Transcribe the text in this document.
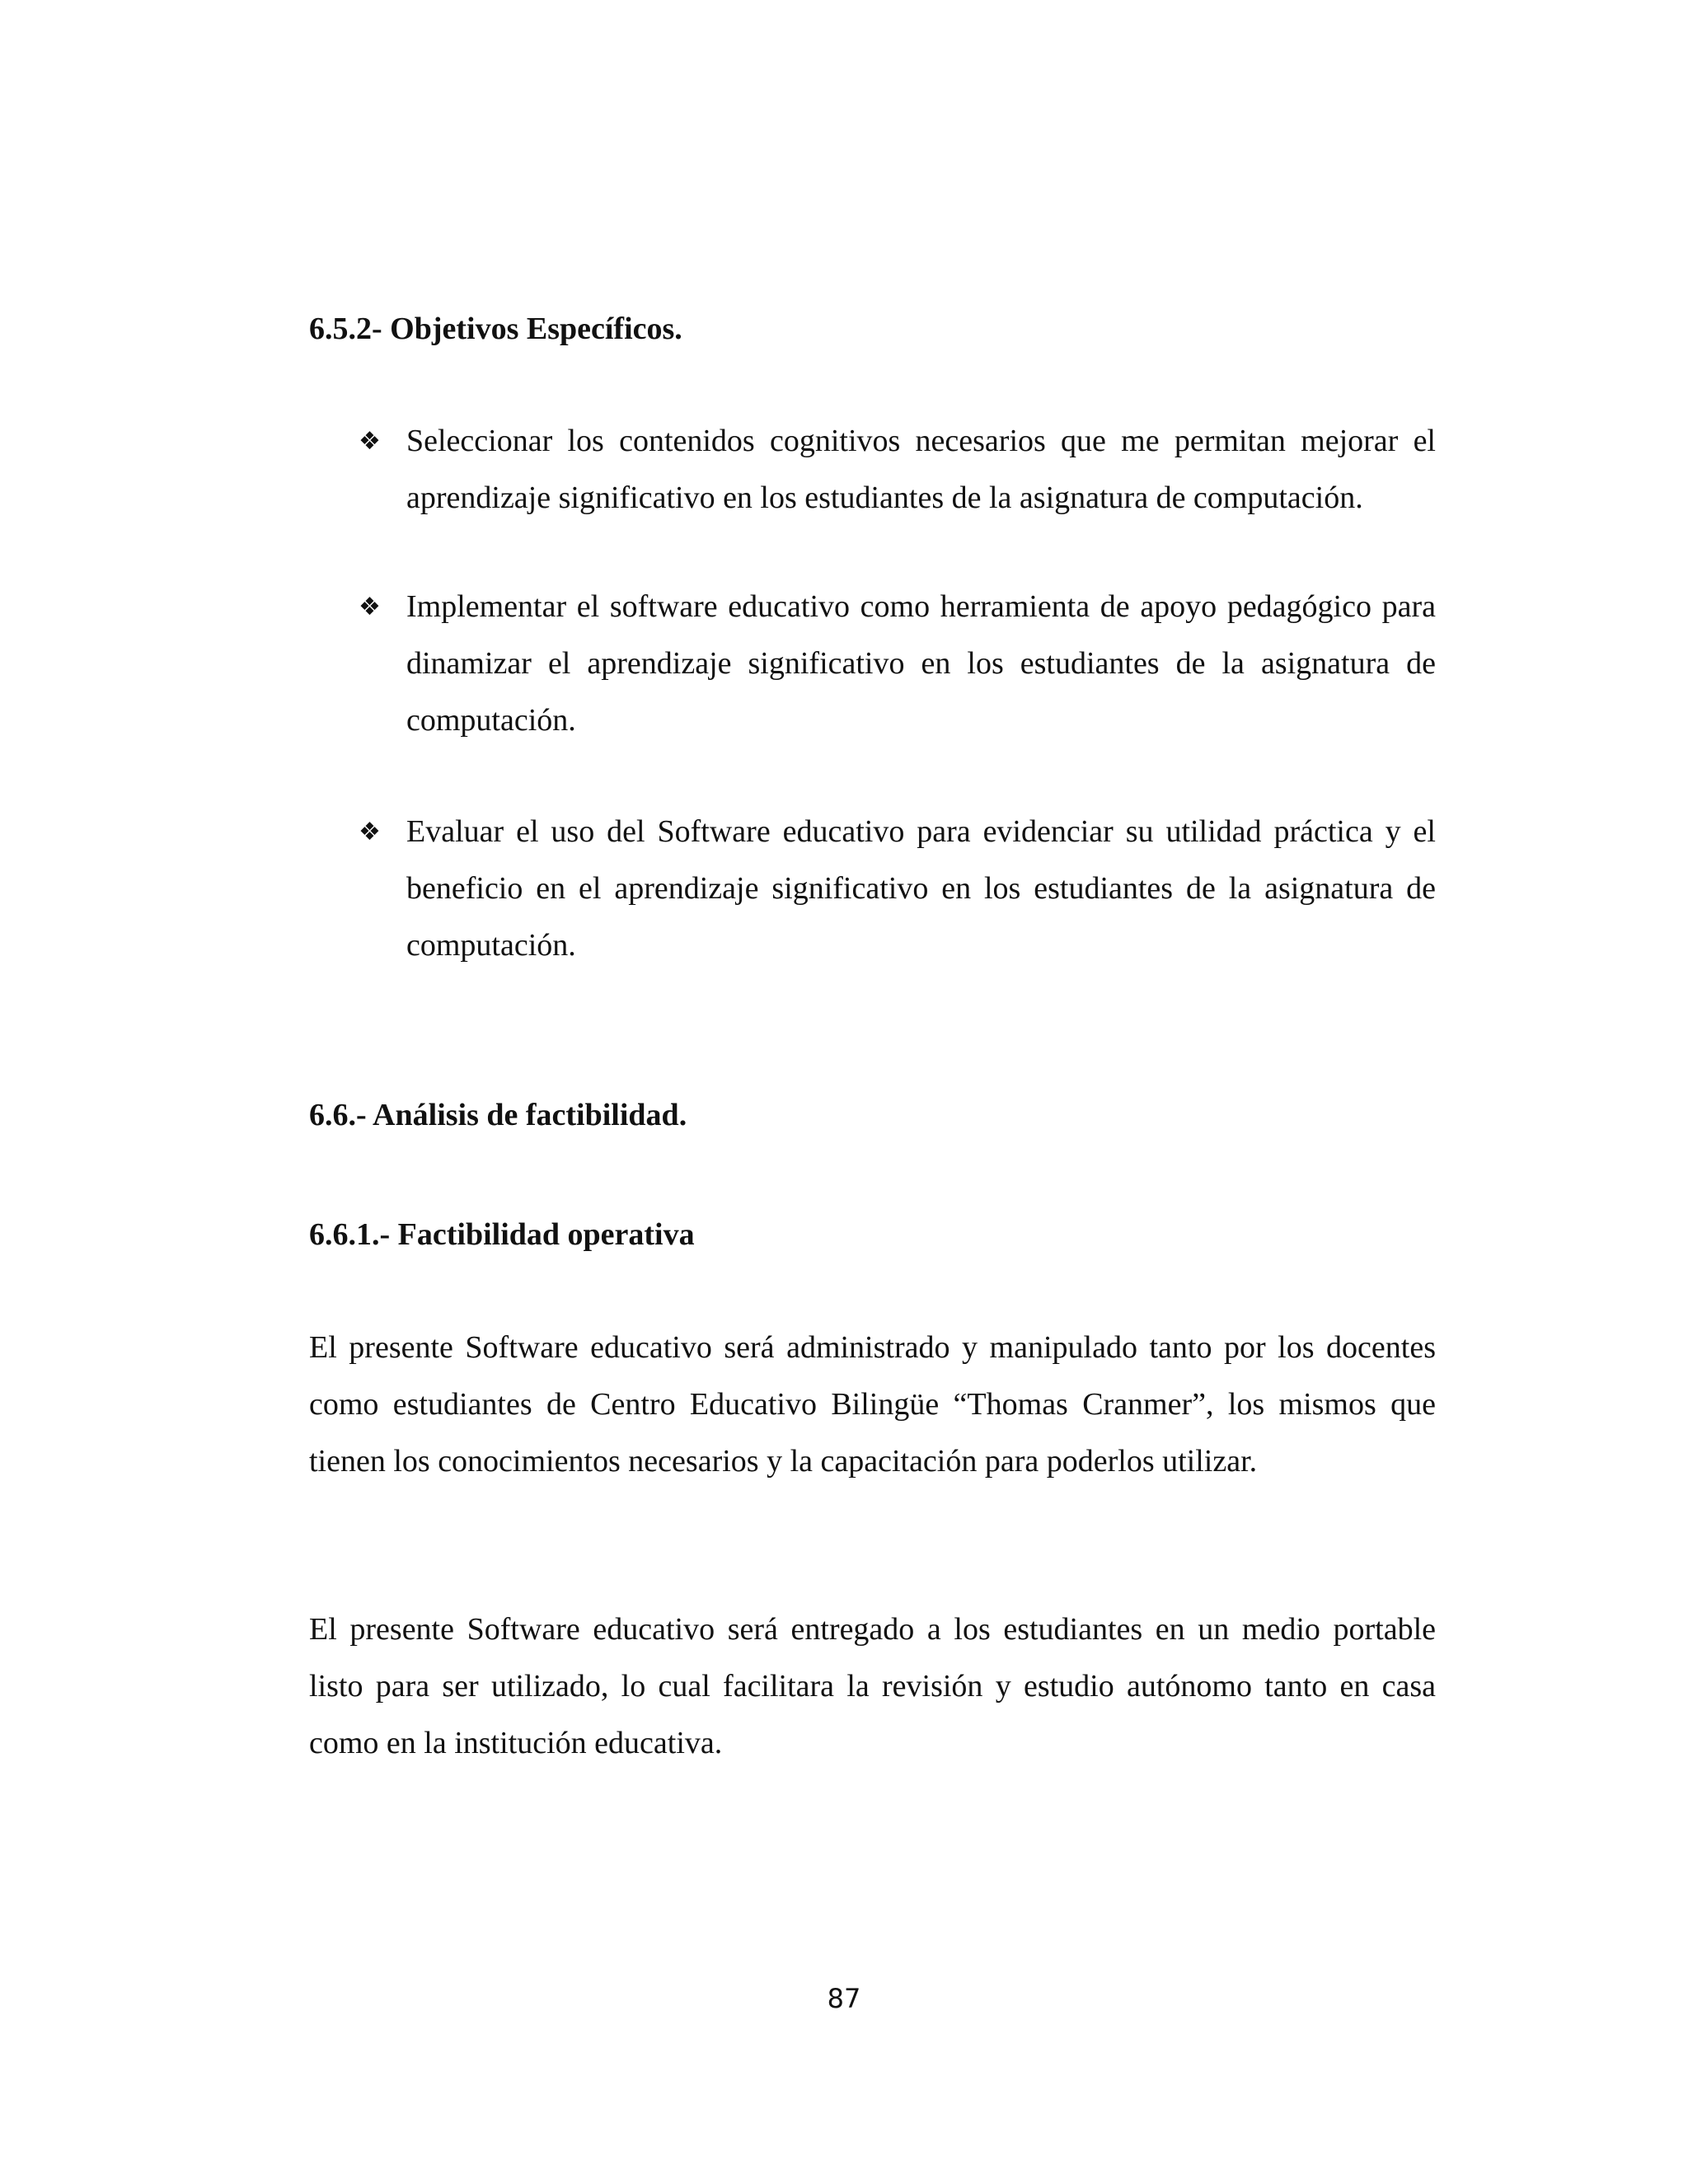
6.5.2- Objetivos Específicos.
❖ Seleccionar los contenidos cognitivos necesarios que me permitan mejorar el aprendizaje significativo en los estudiantes de la asignatura de computación.

❖ Implementar el software educativo como herramienta de apoyo pedagógico para dinamizar el aprendizaje significativo en los estudiantes de la asignatura de computación.

❖ Evaluar el uso del Software educativo para evidenciar su utilidad práctica y el beneficio en el aprendizaje significativo en los estudiantes de la asignatura de computación.

6.6.- Análisis de factibilidad.
6.6.1.- Factibilidad operativa

El presente Software educativo será administrado y manipulado tanto por los docentes como estudiantes de Centro Educativo Bilingüe “Thomas Cranmer”, los mismos que tienen los conocimientos necesarios y la capacitación para poderlos utilizar.

El presente Software educativo será entregado a los estudiantes en un medio portable listo para ser utilizado, lo cual facilitara la revisión y estudio autónomo tanto en casa como en la institución educativa.

87
